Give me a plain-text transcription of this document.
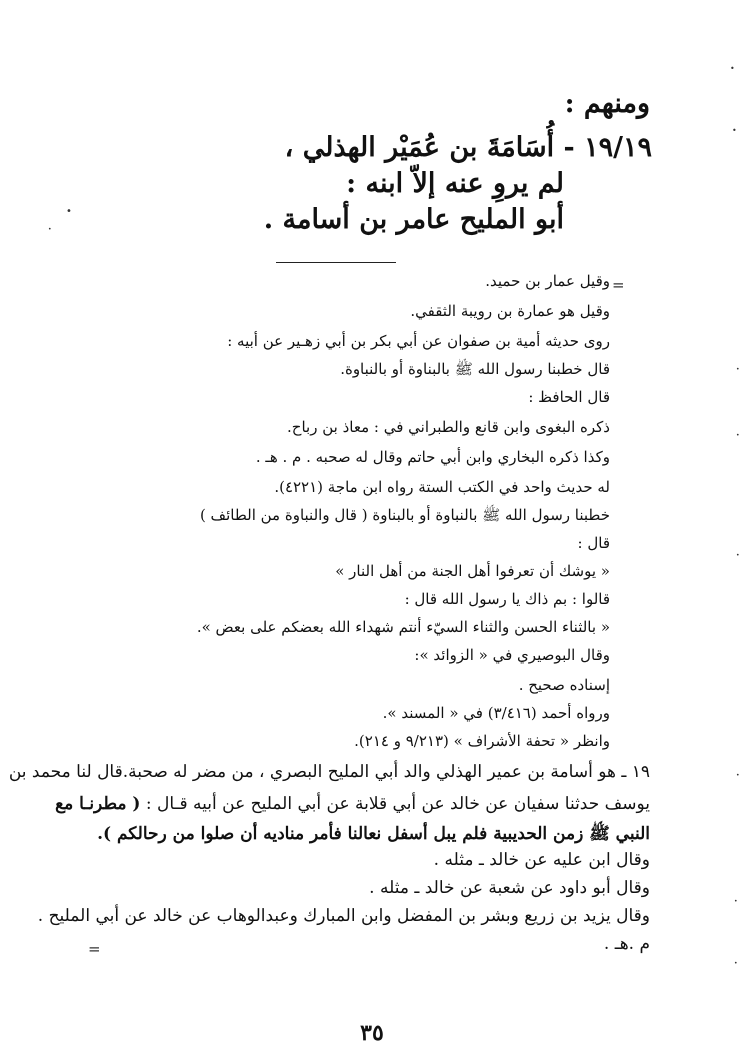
ومنهم :
١٩/١٩ - أُسَامَةَ بن عُمَيْر الهذلي ،
لم يروِ عنه إلاّ ابنه :
أبو المليح عامر بن أسامة .
=
وقيل عمار بن حميد.
وقيل هو عمارة بن رويبة الثقفي.
روى حديثه أمية بن صفوان عن أبي بكر بن أبي زهـير عن أبيه :
قال خطبنا رسول الله ﷺ بالبناوة أو بالنباوة.
قال الحافظ :
ذكره البغوى وابن قانع والطبراني في : معاذ بن رباح.
وكذا ذكره البخاري وابن أبي حاتم وقال له صحبه . م . هـ .
له حديث واحد في الكتب الستة رواه ابن ماجة (٤٢٢١).
خطبنا رسول الله ﷺ بالنباوة أو بالبناوة ( قال والنباوة من الطائف )
قال :
« يوشك أن تعرفوا أهل الجنة من أهل النار »
قالوا : بم ذاك يا رسول الله قال :
« بالثناء الحسن والثناء السيّء أنتم شهداء الله بعضكم على بعض ».
وقال البوصيري في « الزوائد »:
إسناده صحيح .
ورواه أحمد (٣/٤١٦) في « المسند ».
وانظر « تحفة الأشراف » (٩/٢١٣ و ٢١٤).
١٩ ـ هو أسامة بن عمير الهذلي والد أبي المليح البصري ، من مضر له صحبة.قال لنا محمد بن
يوسف حدثنا سفيان عن خالد عن أبي قلابة عن أبي المليح عن أبيه قـال : ( مطرنـا مع
النبي ﷺ زمن الحديبية فلم يبل أسفل نعالنا فأمر مناديه أن صلوا من رحالكم ).
وقال ابن عليه عن خالد ـ مثله .
وقال أبو داود عن شعبة عن خالد ـ مثله .
وقال يزيد بن زريع وبشر بن المفضل وابن المبارك وعبدالوهاب عن خالد عن أبي المليح .
م .هـ .
=
٣٥
•
•
•
•
•
•
•
•
•
•
